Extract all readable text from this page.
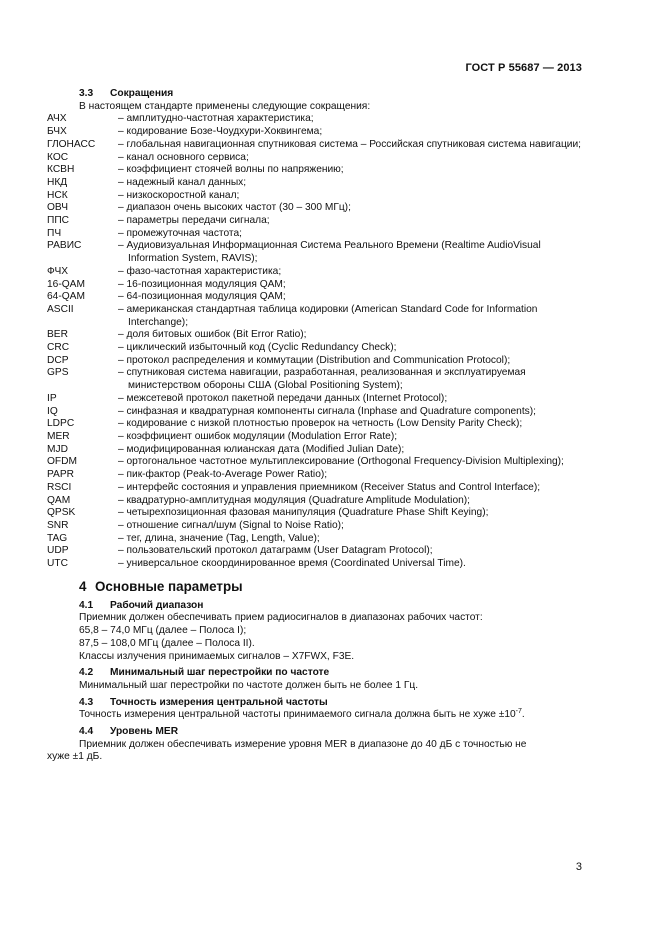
ГОСТ Р 55687 — 2013
3.3 Сокращения
В настоящем стандарте применены следующие сокращения:
АЧХ	– амплитудно-частотная характеристика;
БЧХ	– кодирование Бозе-Чоудхури-Хоквингема;
ГЛОНАСС	– глобальная навигационная спутниковая система – Российская спутниковая система навигации;
КОС	– канал основного сервиса;
КСВН	– коэффициент стоячей волны по напряжению;
НКД	– надежный канал данных;
НСК	– низкоскоростной канал;
ОВЧ	– диапазон очень высоких частот (30 – 300 МГц);
ППС	– параметры передачи сигнала;
ПЧ	– промежуточная частота;
РАВИС	– Аудиовизуальная Информационная Система Реального Времени (Realtime AudioVisual Information System, RAVIS);
ФЧХ	– фазо-частотная характеристика;
16-QAM	– 16-позиционная модуляция QAM;
64-QAM	– 64-позиционная модуляция QAM;
ASCII	– американская стандартная таблица кодировки (American Standard Code for Information Interchange);
BER	– доля битовых ошибок (Bit Error Ratio);
CRC	– циклический избыточный код (Cyclic Redundancy Check);
DCP	– протокол распределения и коммутации (Distribution and Communication Protocol);
GPS	– спутниковая система навигации, разработанная, реализованная и эксплуатируемая министерством обороны США (Global Positioning System);
IP	– межсетевой протокол пакетной передачи данных (Internet Protocol);
IQ	– синфазная и квадратурная компоненты сигнала (Inphase and Quadrature components);
LDPC	– кодирование с низкой плотностью проверок на четность (Low Density Parity Check);
MER	– коэффициент ошибок модуляции (Modulation Error Rate);
MJD	– модифицированная юлианская дата (Modified Julian Date);
OFDM	– ортогональное частотное мультиплексирование (Orthogonal Frequency-Division Multiplexing);
PAPR	– пик-фактор (Peak-to-Average Power Ratio);
RSCI	– интерфейс состояния и управления приемником (Receiver Status and Control Interface);
QAM	– квадратурно-амплитудная модуляция (Quadrature Amplitude Modulation);
QPSK	– четырехпозиционная фазовая манипуляция (Quadrature Phase Shift Keying);
SNR	– отношение сигнал/шум (Signal to Noise Ratio);
TAG	– тег, длина, значение (Tag, Length, Value);
UDP	– пользовательский протокол датаграмм (User Datagram Protocol);
UTC	– универсальное скоординированное время (Coordinated Universal Time).
4 Основные параметры
4.1 Рабочий диапазон
Приемник должен обеспечивать прием радиосигналов в диапазонах рабочих частот:
65,8 – 74,0 МГц (далее – Полоса I);
87,5 – 108,0 МГц (далее – Полоса II).
Классы излучения принимаемых сигналов – X7FWX, F3E.
4.2 Минимальный шаг перестройки по частоте
Минимальный шаг перестройки по частоте должен быть не более 1 Гц.
4.3 Точность измерения центральной частоты
Точность измерения центральной частоты принимаемого сигнала должна быть не хуже $\pm 10^{-7}$.
4.4 Уровень MER
Приемник должен обеспечивать измерение уровня MER в диапазоне до 40 дБ с точностью не
хуже ±1 дБ.
3
